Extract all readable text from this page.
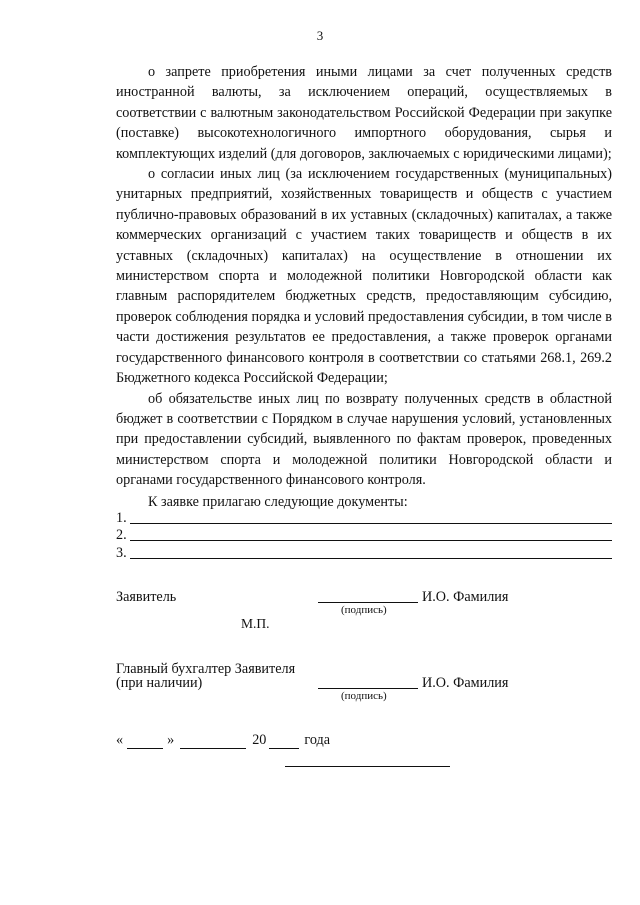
3

о запрете приобретения иными лицами за счет полученных средств иностранной валюты, за исключением операций, осуществляемых в соответствии с валютным законодательством Российской Федерации при закупке (поставке) высокотехнологичного импортного оборудования, сырья и комплектующих изделий (для договоров, заключаемых с юридическими лицами);

о согласии иных лиц (за исключением государственных (муниципальных) унитарных предприятий, хозяйственных товариществ и обществ с участием публично-правовых образований в их уставных (складочных) капиталах, а также коммерческих организаций с участием таких товариществ и обществ в их уставных (складочных) капиталах) на осуществление в отношении их министерством спорта и молодежной политики Новгородской области как главным распорядителем бюджетных средств, предоставляющим субсидию, проверок соблюдения порядка и условий предоставления субсидии, в том числе в части достижения результатов ее предоставления, а также проверок органами государственного финансового контроля в соответствии со статьями 268.1, 269.2 Бюджетного кодекса Российской Федерации;

об обязательстве иных лиц по возврату полученных средств в областной бюджет в соответствии с Порядком в случае нарушения условий, установленных при предоставлении субсидий, выявленного по фактам проверок, проведенных министерством спорта и молодежной политики Новгородской области и органами государственного финансового контроля.

К заявке прилагаю следующие документы:
1.
2.
3.
Заявитель	И.О. Фамилия
(подпись)
М.П.
Главный бухгалтер Заявителя
(при наличии)	И.О. Фамилия
(подпись)
«	»	20	года
